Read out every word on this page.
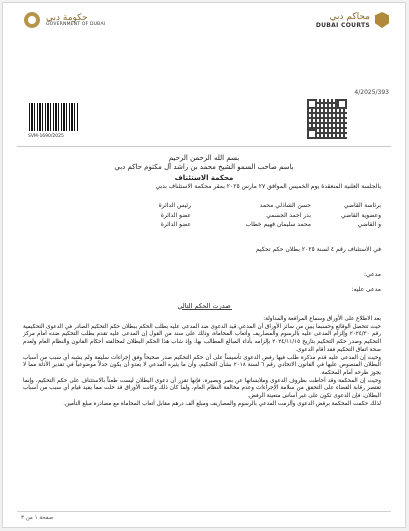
حكومة دبي
GOVERNMENT OF DUBAI
محاكم دبي
DUBAI COURTS
4/2025/393
SVM-1690/2025
بسم الله الرحمن الرحيم
باسم صاحب السمو الشيخ محمد بن راشد آل مكتوم حاكم دبي
محكمة الاستئناف
بالجلسة العلنية المنعقدة يوم الخميس الموافق ٢٧ مارس ٢٠٢٥ بمقر محكمة الاستئناف بدبي
برئاسة القاضي
حسن الشاذلي محمد
رئيس الدائرة
وعضوية القاضي
بدر احمد الجسمي
عضو الدائرة
و القاضي
محمد سليمان فهيم خطاب
عضو الدائرة
في الاستئناف رقم ٤ لسنة ٢٠٢٥ بطلان حكم تحكيم
مدعي:
مدعى عليه:
صدرت الحكم التالي

بعد الاطلاع على الأوراق وسماع المرافعة والمداولة:

حيث تتحصل الوقائع وحسبما يبين من سائر الأوراق أن المدعي قيد الدعوى ضد المدعى عليه بطلب الحكم ببطلان حكم التحكيم الصادر في الدعوى التحكيمية رقم ٢٠٢٤/٣٠ وإلزام المدعى عليه بالرسوم والمصاريف وأتعاب المحاماة، وذلك على سند من القول إن المدعى عليه تقدم بطلب التحكيم ضده أمام مركز التحكيم وصدر حكم التحكيم بتاريخ ٢٠٢٤/١١/١٥ بإلزامه بأداء المبالغ المطالب بها، وإذ شاب هذا الحكم البطلان لمخالفته أحكام القانون والنظام العام ولعدم صحة اتفاق التحكيم فقد أقام الدعوى.

وحيث إن المدعى عليه قدم مذكرة طلب فيها رفض الدعوى تأسيساً على أن حكم التحكيم صدر صحيحاً وفق إجراءات سليمة ولم يشبه أي سبب من أسباب البطلان المنصوص عليها في القانون الاتحادي رقم ٦ لسنة ٢٠١٨ بشأن التحكيم، وأن ما يثيره المدعي لا يعدو أن يكون جدلاً موضوعياً في تقدير الأدلة مما لا يجوز طرحه أمام المحكمة.

وحيث إن المحكمة وقد أحاطت بظروف الدعوى وملابساتها عن بصر وبصيرة، فإنها تقرر أن دعوى البطلان ليست طعناً بالاستئناف على حكم التحكيم، وإنما تقتصر رقابة القضاء على التحقق من سلامة الإجراءات وعدم مخالفة النظام العام، ولما كان ذلك وكانت الأوراق قد خلت مما يفيد قيام أي سبب من أسباب البطلان، فإن الدعوى تكون على غير أساس متعينة الرفض.

لذلك حكمت المحكمة برفض الدعوى وألزمت المدعي بالرسوم والمصاريف ومبلغ ألف درهم مقابل أتعاب المحاماة مع مصادرة مبلغ التأمين.

صفحة ١ من ٣
